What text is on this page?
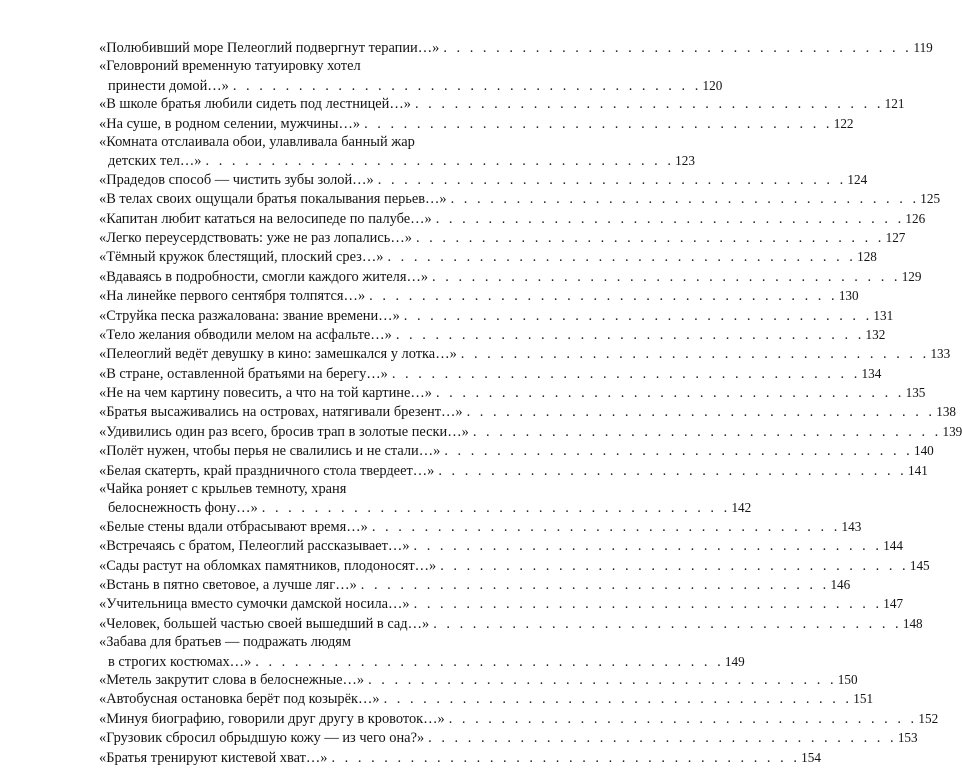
«Полюбивший море Пелеоглий подвергнут терапии…» . . .	119
«Геловроний временную татуировку хотел
принести домой…» . . .	120
«В школе братья любили сидеть под лестницей…» . . .	121
«На суше, в родном селении, мужчины…» . . .	122
«Комната отслаивала обои, улавливала банный жар
детских тел…» . . .	123
«Прадедов способ — чистить зубы золой…» . . .	124
«В телах своих ощущали братья покалывания перьев…» . . .	125
«Капитан любит кататься на велосипеде по палубе…» . . .	126
«Легко переусердствовать: уже не раз лопались…» . . .	127
«Тёмный кружок блестящий, плоский срез…» . . .	128
«Вдаваясь в подробности, смогли каждого жителя…» . . .	129
«На линейке первого сентября толпятся…» . . .	130
«Струйка песка разжалована: звание времени…» . . .	131
«Тело желания обводили мелом на асфальте…» . . .	132
«Пелеоглий ведёт девушку в кино: замешкался у лотка…» . . .	133
«В стране, оставленной братьями на берегу…» . . .	134
«Не на чем картину повесить, а что на той картине…» . . .	135
«Братья высаживались на островах, натягивали брезент…» . . .	138
«Удивились один раз всего, бросив трап в золотые пески…» . . .	139
«Полёт нужен, чтобы перья не свалились и не стали…» . . .	140
«Белая скатерть, край праздничного стола твердеет…» . . .	141
«Чайка роняет с крыльев темноту, храня
белоснежность фону…» . . .	142
«Белые стены вдали отбрасывают время…» . . .	143
«Встречаясь с братом, Пелеоглий рассказывает…» . . .	144
«Сады растут на обломках памятников, плодоносят…» . . .	145
«Встань в пятно световое, а лучше ляг…» . . .	146
«Учительница вместо сумочки дамской носила…» . . .	147
«Человек, большей частью своей вышедший в сад…» . . .	148
«Забава для братьев — подражать людям
в строгих костюмах…» . . .	149
«Метель закрутит слова в белоснежные…» . . .	150
«Автобусная остановка берёт под козырёк…» . . .	151
«Минуя биографию, говорили друг другу в кровоток…» . . .	152
«Грузовик сбросил обрыдшую кожу — из чего она?» . . .	153
«Братья тренируют кистевой хват…» . . .	154
